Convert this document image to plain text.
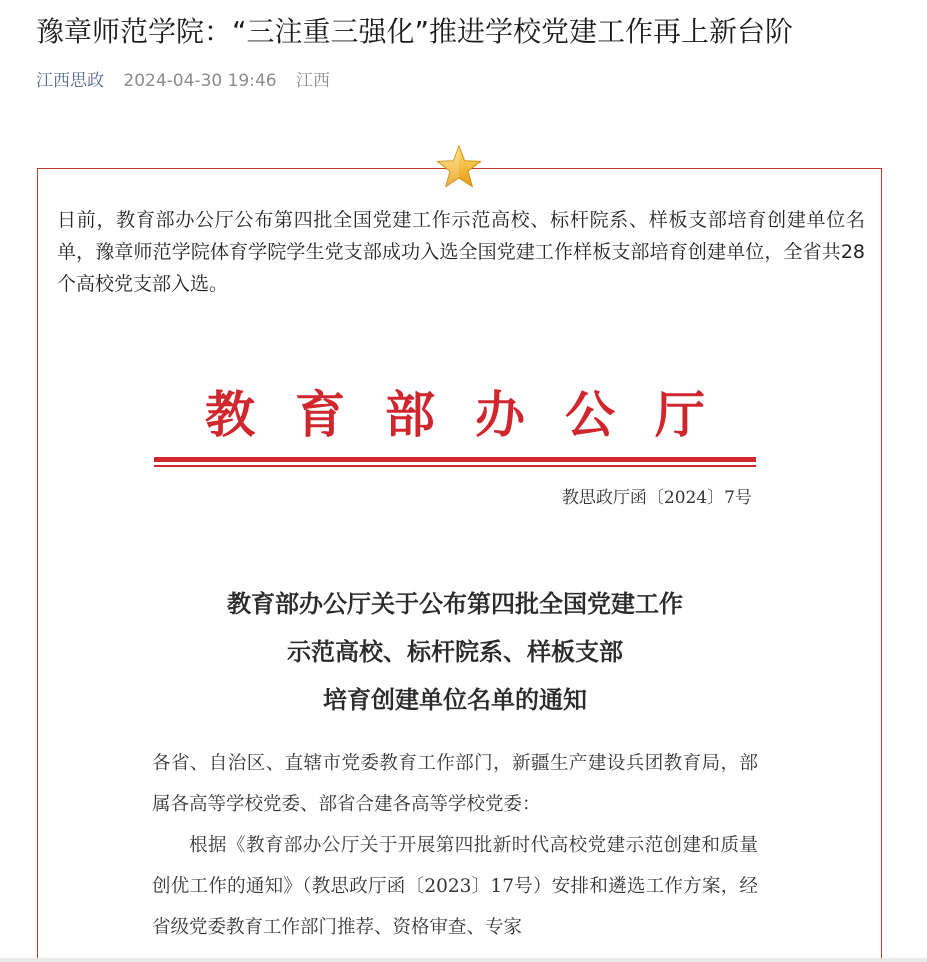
豫章师范学院：“三注重三强化”推进学校党建工作再上新台阶
江西思政 2024-04-30 19:46 江西

日前，教育部办公厅公布第四批全国党建工作示范高校、标杆院系、样板支部培育创建单位名单，豫章师范学院体育学院学生党支部成功入选全国党建工作样板支部培育创建单位，全省共28个高校党支部入选。

教育部办公厅
教思政厅函〔2024〕7号
教育部办公厅关于公布第四批全国党建工作
示范高校、标杆院系、样板支部
培育创建单位名单的通知

各省、自治区、直辖市党委教育工作部门，新疆生产建设兵团教育局，部属各高等学校党委、部省合建各高等学校党委：

根据《教育部办公厅关于开展第四批新时代高校党建示范创建和质量创优工作的通知》（教思政厅函〔2023〕17号）安排和遴选工作方案，经省级党委教育工作部门推荐、资格审查、专家
